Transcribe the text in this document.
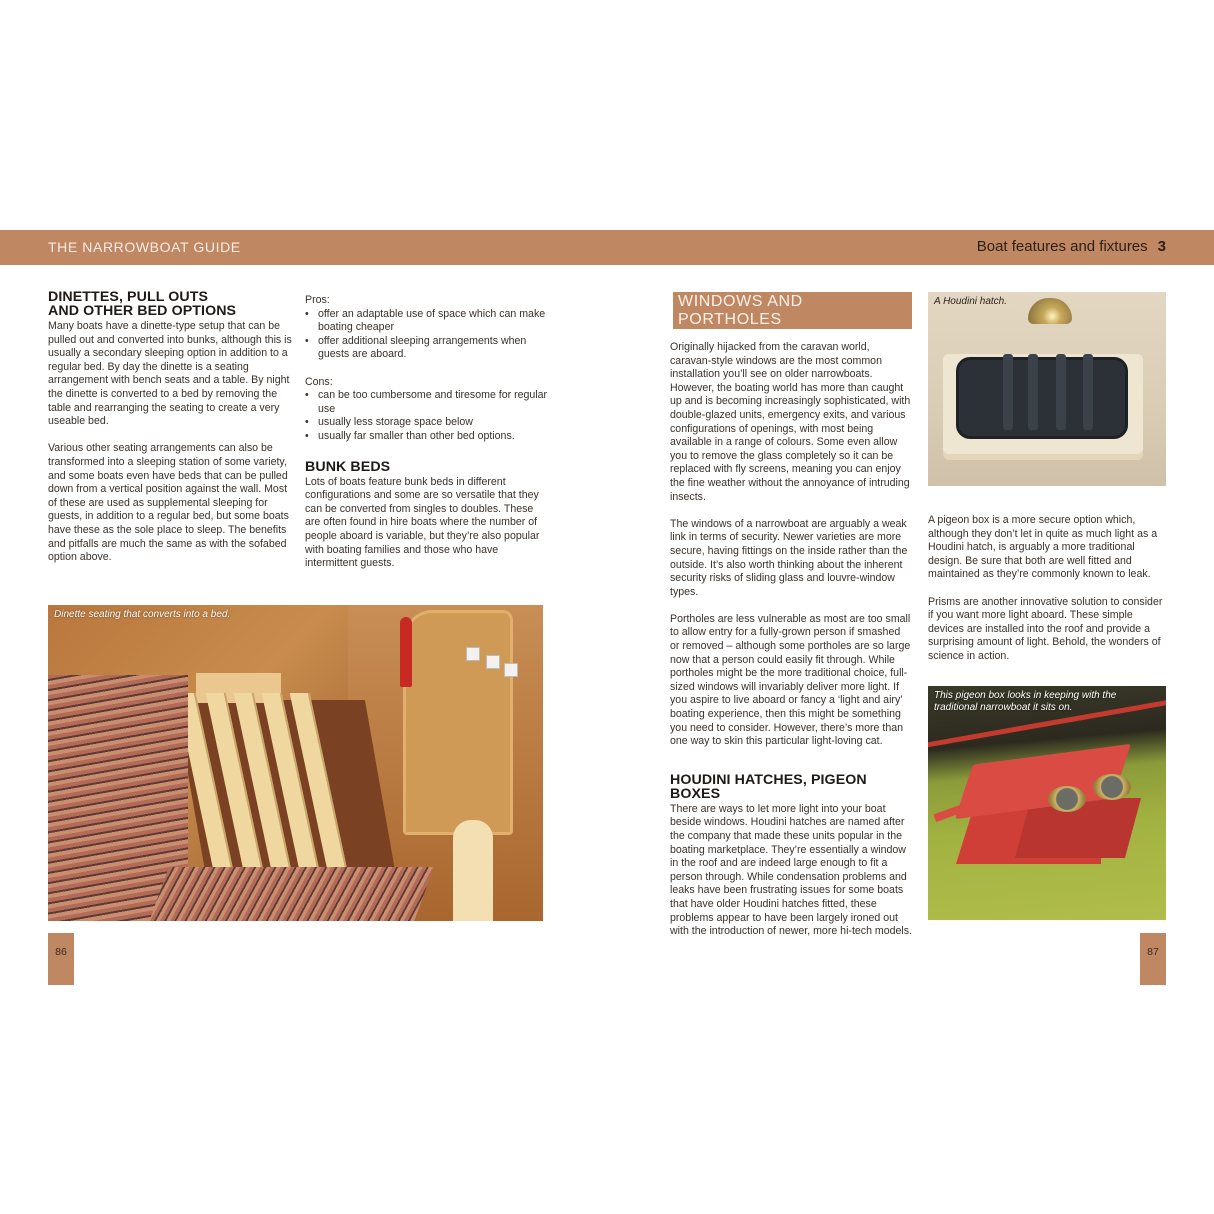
THE NARROWBOAT GUIDE	Boat features and fixtures 3
DINETTES, PULL OUTS
AND OTHER BED OPTIONS

Many boats have a dinette-type setup that can be pulled out and converted into bunks, although this is usually a secondary sleeping option in addition to a regular bed. By day the dinette is a seating arrangement with bench seats and a table. By night the dinette is converted to a bed by removing the table and rearranging the seating to create a very useable bed.

Various other seating arrangements can also be transformed into a sleeping station of some variety, and some boats even have beds that can be pulled down from a vertical position against the wall. Most of these are used as supplemental sleeping for guests, in addition to a regular bed, but some boats have these as the sole place to sleep. The benefits and pitfalls are much the same as with the sofabed option above.

Pros:
• offer an adaptable use of space which can make boating cheaper
• offer additional sleeping arrangements when guests are aboard.
Cons:
• can be too cumbersome and tiresome for regular use
• usually less storage space below
• usually far smaller than other bed options.
BUNK BEDS

Lots of boats feature bunk beds in different configurations and some are so versatile that they can be converted from singles to doubles. These are often found in hire boats where the number of people aboard is variable, but they’re also popular with boating families and those who have intermittent guests.

Dinette seating that converts into a bed.
86
WINDOWS AND PORTHOLES

Originally hijacked from the caravan world, caravan-style windows are the most common installation you’ll see on older narrowboats. However, the boating world has more than caught up and is becoming increasingly sophisticated, with double-glazed units, emergency exits, and various configurations of openings, with most being available in a range of colours. Some even allow you to remove the glass completely so it can be replaced with fly screens, meaning you can enjoy the fine weather without the annoyance of intruding insects.

The windows of a narrowboat are arguably a weak link in terms of security. Newer varieties are more secure, having fittings on the inside rather than the outside. It’s also worth thinking about the inherent security risks of sliding glass and louvre-window types.

Portholes are less vulnerable as most are too small to allow entry for a fully-grown person if smashed or removed – although some portholes are so large now that a person could easily fit through. While portholes might be the more traditional choice, full-sized windows will invariably deliver more light. If you aspire to live aboard or fancy a ‘light and airy’ boating experience, then this might be something you need to consider. However, there’s more than one way to skin this particular light-loving cat.

HOUDINI HATCHES, PIGEON BOXES

There are ways to let more light into your boat beside windows. Houdini hatches are named after the company that made these units popular in the boating marketplace. They’re essentially a window in the roof and are indeed large enough to fit a person through. While condensation problems and leaks have been frustrating issues for some boats that have older Houdini hatches fitted, these problems appear to have been largely ironed out with the introduction of newer, more hi-tech models.

A Houdini hatch.

A pigeon box is a more secure option which, although they don’t let in quite as much light as a Houdini hatch, is arguably a more traditional design. Be sure that both are well fitted and maintained as they’re commonly known to leak.

Prisms are another innovative solution to consider if you want more light aboard. These simple devices are installed into the roof and provide a surprising amount of light. Behold, the wonders of science in action.

This pigeon box looks in keeping with the traditional narrowboat it sits on.
87
